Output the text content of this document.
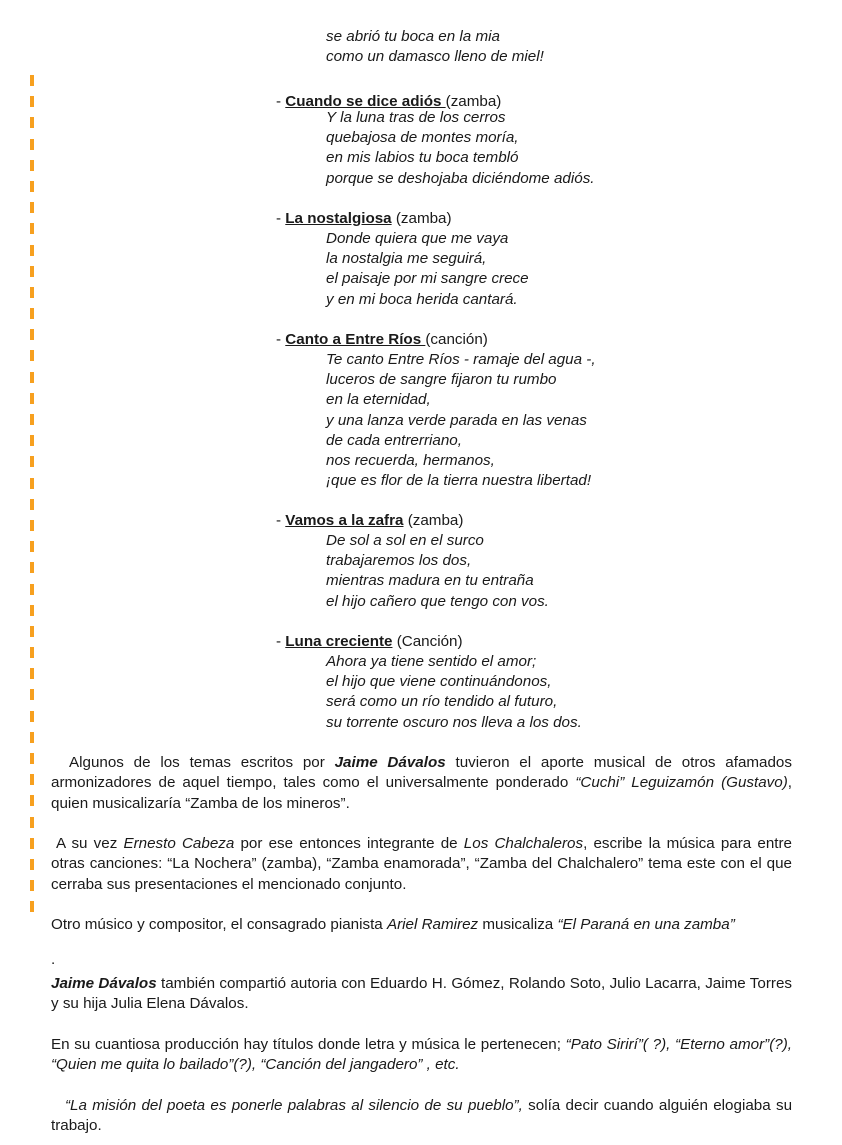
se abrió tu boca en la mia
como un damasco lleno de miel!
- Cuando se dice adiós (zamba)
Y la luna tras de los cerros
quebajosa de montes moría,
en mis labios tu boca tembló
porque se deshojaba diciéndome adiós.
- La nostalgiosa (zamba)
Donde quiera que me vaya
la nostalgia me seguirá,
el paisaje por mi sangre crece
y en mi boca herida cantará.
- Canto a Entre Ríos (canción)
Te canto Entre Ríos - ramaje del agua -,
luceros de sangre fijaron tu rumbo
en la eternidad,
y una lanza verde parada en las venas
de cada entrerriano,
nos recuerda, hermanos,
¡que es flor de la tierra nuestra libertad!
- Vamos a la zafra (zamba)
De sol a sol en el surco
trabajaremos los dos,
mientras madura en tu entraña
el hijo cañero que tengo con vos.
- Luna creciente (Canción)
Ahora ya tiene sentido el amor;
el hijo que viene continuándonos,
será como un río tendido al futuro,
su torrente oscuro nos lleva a los dos.

Algunos de los temas escritos por Jaime Dávalos tuvieron el aporte musical de otros afamados armonizadores de aquel tiempo, tales como el universalmente ponderado “Cuchi” Leguizamón (Gustavo), quien musicalizaría “Zamba de los mineros”.

A su vez Ernesto Cabeza por ese entonces integrante de Los Chalchaleros, escribe la música para entre otras canciones: “La Nochera” (zamba), “Zamba enamorada”, “Zamba del Chalchalero” tema este con el que cerraba sus presentaciones el mencionado conjunto.

Otro músico y compositor, el consagrado pianista Ariel Ramirez musicaliza “El Paraná en una zamba”

.

Jaime Dávalos también compartió autoria con Eduardo H. Gómez, Rolando Soto, Julio Lacarra, Jaime Torres y su hija Julia Elena Dávalos.

En su cuantiosa producción hay títulos donde letra y música le pertenecen; “Pato Sirirí”( ?), “Eterno amor”(?), “Quien me quita lo bailado”(?), “Canción del jangadero” , etc.

“La misión del poeta es ponerle palabras al silencio de su pueblo”, solía decir cuando alguién elogiaba su trabajo.
